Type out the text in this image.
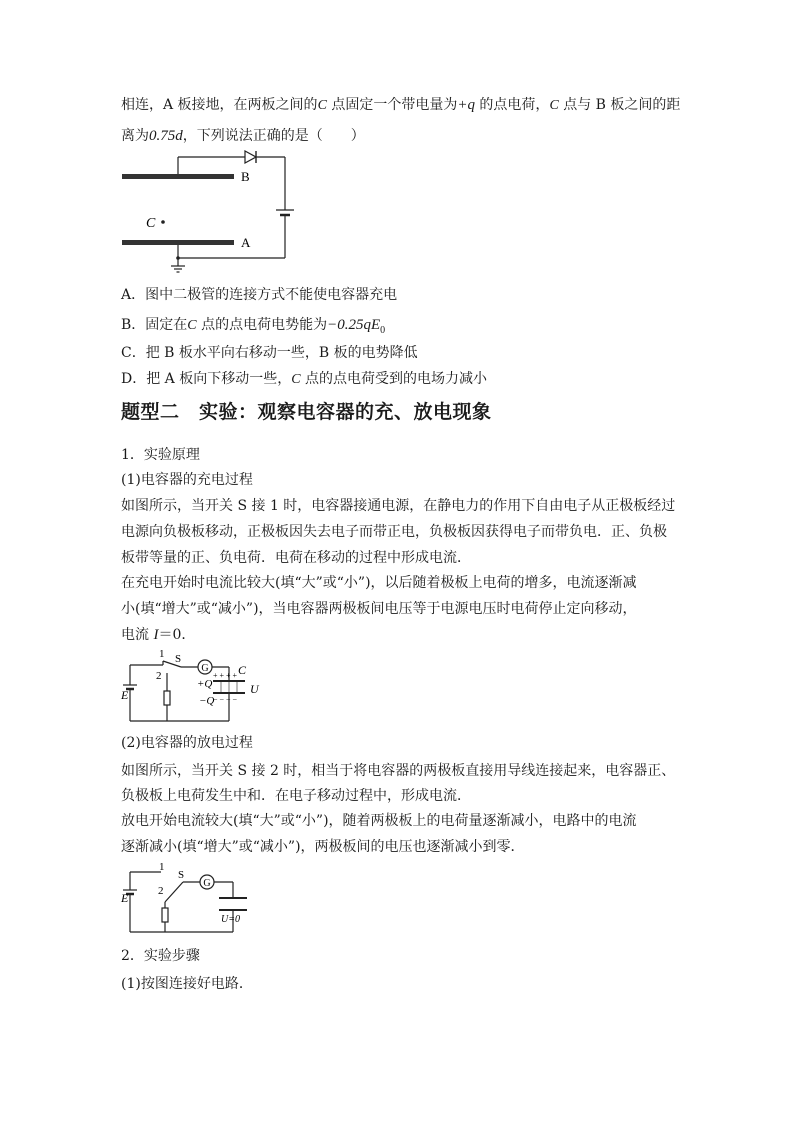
相连，A 板接地，在两板之间的C 点固定一个带电量为+q 的点电荷，C 点与 B 板之间的距
离为0.75d，下列说法正确的是（　　）
B
A
C
A．图中二极管的连接方式不能使电容器充电
B．固定在C 点的点电荷电势能为$-0.25qE_0$
C．把 B 板水平向右移动一些，B 板的电势降低
D．把 A 板向下移动一些，C 点的点电荷受到的电场力减小
题型二　实验：观察电容器的充、放电现象
1．实验原理
(1)电容器的充电过程
如图所示，当开关 S 接 1 时，电容器接通电源，在静电力的作用下自由电子从正极板经过
电源向负极板移动，正极板因失去电子而带正电，负极板因获得电子而带负电．正、负极
板带等量的正、负电荷．电荷在移动的过程中形成电流．
在充电开始时电流比较大(填“大”或“小”)，以后随着极板上电荷的增多，电流逐渐减
小(填“增大”或“减小”)，当电容器两极板间电压等于电源电压时电荷停止定向移动，
电流 I＝0．
G
1
2
S
E
C
+Q
−Q
+ + + +
− − − −
U
(2)电容器的放电过程
如图所示，当开关 S 接 2 时，相当于将电容器的两极板直接用导线连接起来，电容器正、
负极板上电荷发生中和．在电子移动过程中，形成电流．
放电开始电流较大(填“大”或“小”)，随着两极板上的电荷量逐渐减小，电路中的电流
逐渐减小(填“增大”或“减小”)，两极板间的电压也逐渐减小到零．
G
1
2
S
E
U=0
2．实验步骤
(1)按图连接好电路．
